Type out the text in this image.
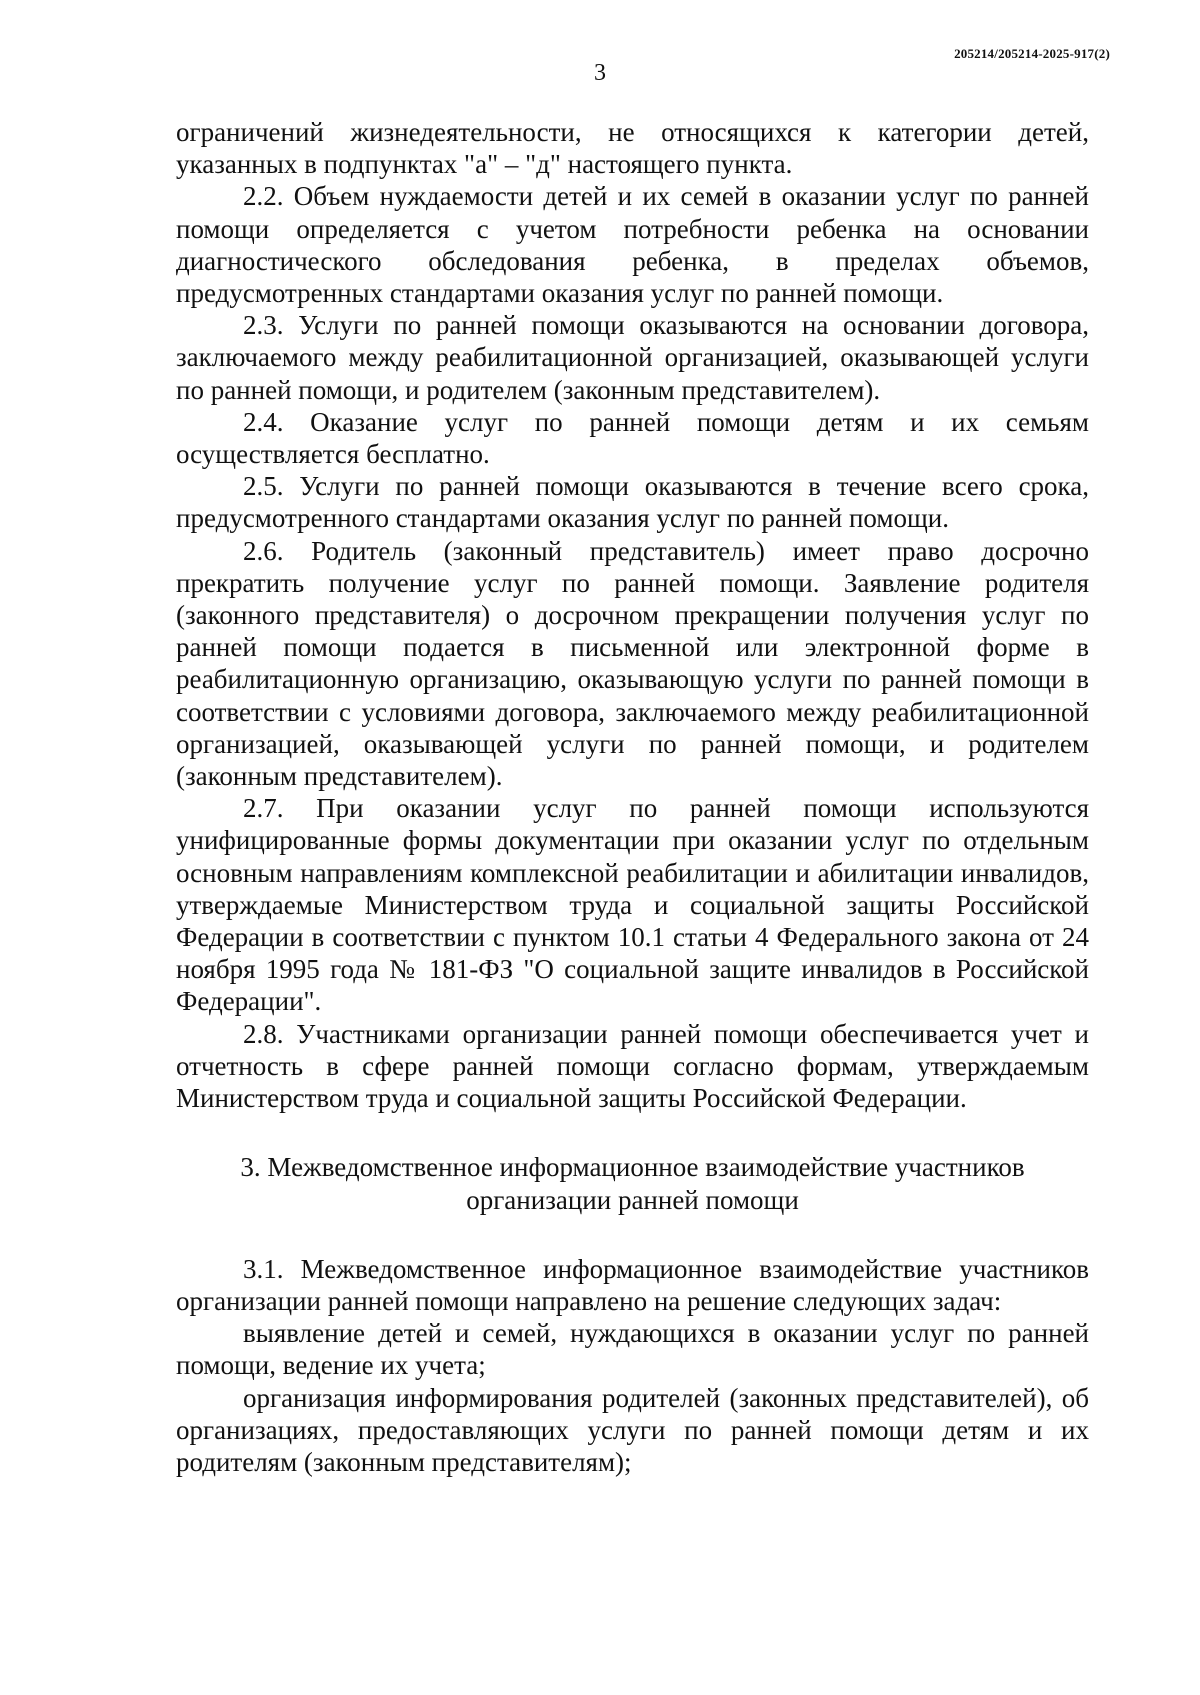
205214/205214-2025-917(2)
3

ограничений жизнедеятельности, не относящихся к категории детей, указанных в подпунктах "а" – "д" настоящего пункта.

2.2. Объем нуждаемости детей и их семей в оказании услуг по ранней помощи определяется с учетом потребности ребенка на основании диагностического обследования ребенка, в пределах объемов, предусмотренных стандартами оказания услуг по ранней помощи.

2.3. Услуги по ранней помощи оказываются на основании договора, заключаемого между реабилитационной организацией, оказывающей услуги по ранней помощи, и родителем (законным представителем).

2.4. Оказание услуг по ранней помощи детям и их семьям осуществляется бесплатно.

2.5. Услуги по ранней помощи оказываются в течение всего срока, предусмотренного стандартами оказания услуг по ранней помощи.

2.6. Родитель (законный представитель) имеет право досрочно прекратить получение услуг по ранней помощи. Заявление родителя (законного представителя) о досрочном прекращении получения услуг по ранней помощи подается в письменной или электронной форме в реабилитационную организацию, оказывающую услуги по ранней помощи в соответствии с условиями договора, заключаемого между реабилитационной организацией, оказывающей услуги по ранней помощи, и родителем (законным представителем).

2.7. При оказании услуг по ранней помощи используются унифицированные формы документации при оказании услуг по отдельным основным направлениям комплексной реабилитации и абилитации инвалидов, утверждаемые Министерством труда и социальной защиты Российской Федерации в соответствии с пунктом 10.1 статьи 4 Федерального закона от 24 ноября 1995 года № 181-ФЗ "О социальной защите инвалидов в Российской Федерации".

2.8. Участниками организации ранней помощи обеспечивается учет и отчетность в сфере ранней помощи согласно формам, утверждаемым Министерством труда и социальной защиты Российской Федерации.

3. Межведомственное информационное взаимодействие участников
организации ранней помощи

3.1. Межведомственное информационное взаимодействие участников организации ранней помощи направлено на решение следующих задач:

выявление детей и семей, нуждающихся в оказании услуг по ранней помощи, ведение их учета;

организация информирования родителей (законных представителей), об организациях, предоставляющих услуги по ранней помощи детям и их родителям (законным представителям);
